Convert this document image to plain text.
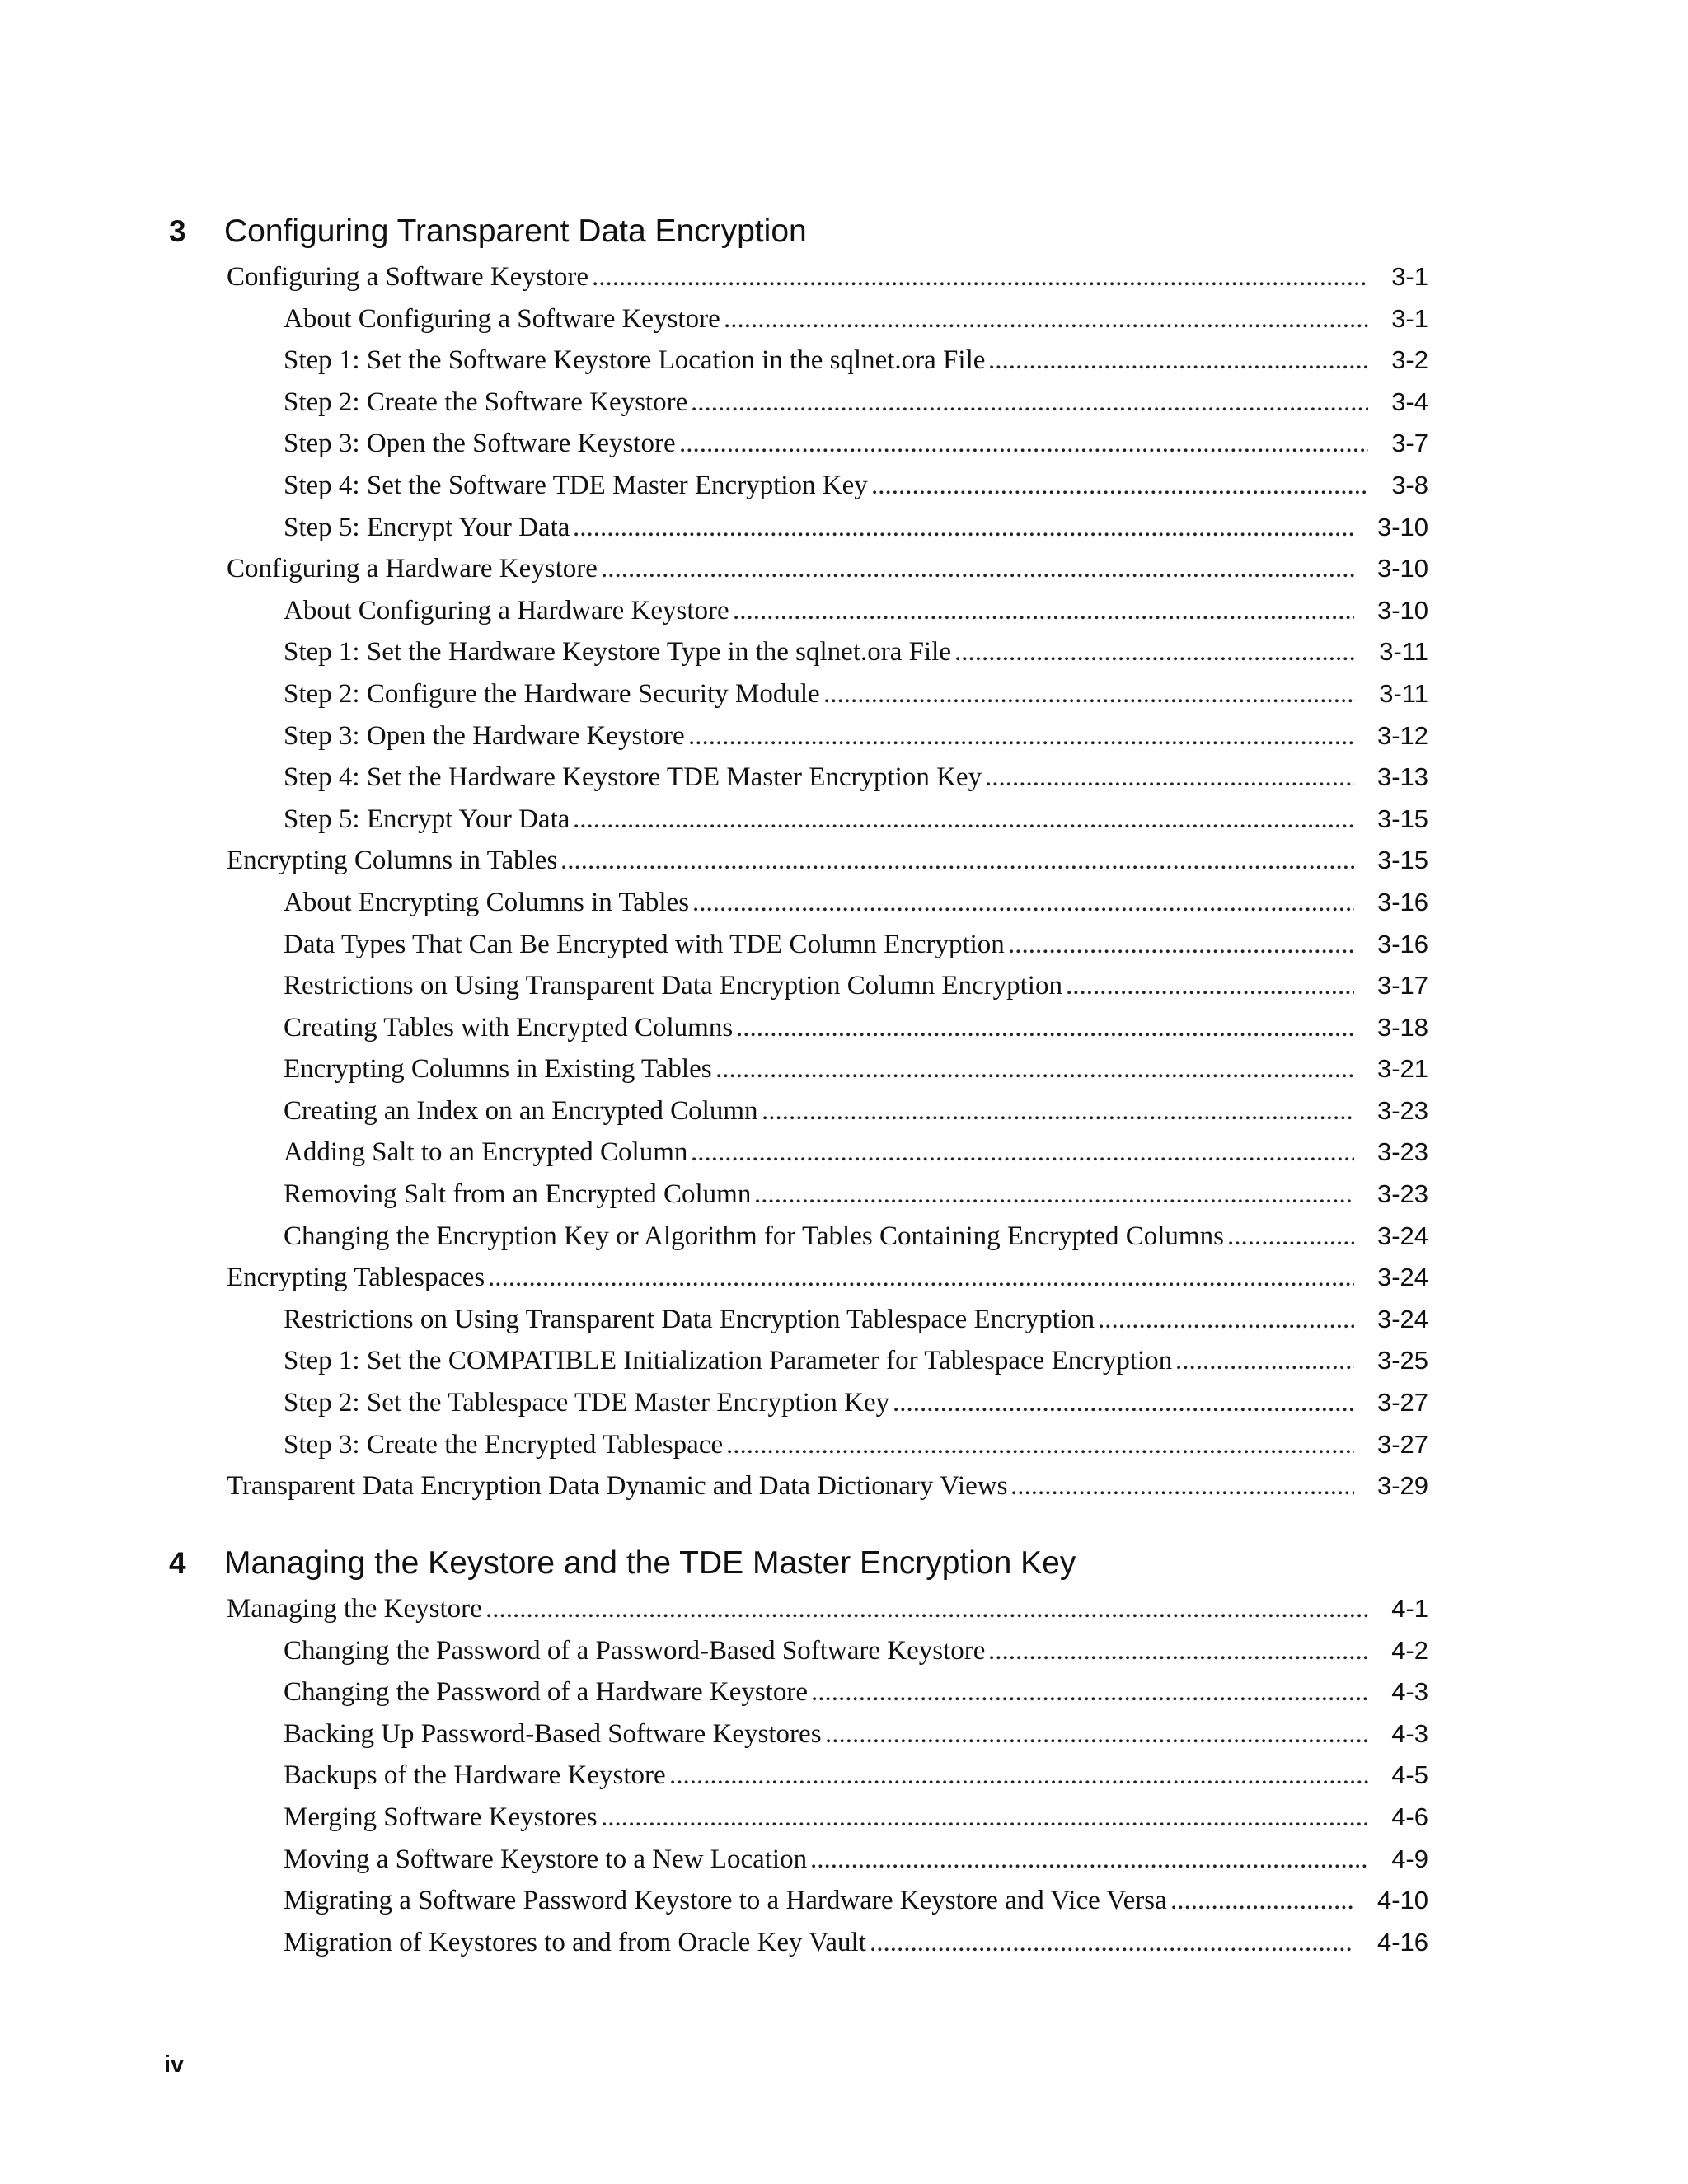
3 Configuring Transparent Data Encryption
Configuring a Software Keystore .....	3-1
About Configuring a Software Keystore .....	3-1
Step 1: Set the Software Keystore Location in the sqlnet.ora File .....	3-2
Step 2: Create the Software Keystore .....	3-4
Step 3: Open the Software Keystore .....	3-7
Step 4: Set the Software TDE Master Encryption Key .....	3-8
Step 5: Encrypt Your Data .....	3-10
Configuring a Hardware Keystore .....	3-10
About Configuring a Hardware Keystore .....	3-10
Step 1: Set the Hardware Keystore Type in the sqlnet.ora File .....	3-11
Step 2: Configure the Hardware Security Module .....	3-11
Step 3: Open the Hardware Keystore .....	3-12
Step 4: Set the Hardware Keystore TDE Master Encryption Key .....	3-13
Step 5: Encrypt Your Data .....	3-15
Encrypting Columns in Tables .....	3-15
About Encrypting Columns in Tables .....	3-16
Data Types That Can Be Encrypted with TDE Column Encryption .....	3-16
Restrictions on Using Transparent Data Encryption Column Encryption .....	3-17
Creating Tables with Encrypted Columns .....	3-18
Encrypting Columns in Existing Tables .....	3-21
Creating an Index on an Encrypted Column .....	3-23
Adding Salt to an Encrypted Column .....	3-23
Removing Salt from an Encrypted Column .....	3-23
Changing the Encryption Key or Algorithm for Tables Containing Encrypted Columns .....	3-24
Encrypting Tablespaces .....	3-24
Restrictions on Using Transparent Data Encryption Tablespace Encryption .....	3-24
Step 1: Set the COMPATIBLE Initialization Parameter for Tablespace Encryption .....	3-25
Step 2: Set the Tablespace TDE Master Encryption Key .....	3-27
Step 3: Create the Encrypted Tablespace .....	3-27
Transparent Data Encryption Data Dynamic and Data Dictionary Views .....	3-29
4 Managing the Keystore and the TDE Master Encryption Key
Managing the Keystore .....	4-1
Changing the Password of a Password-Based Software Keystore .....	4-2
Changing the Password of a Hardware Keystore .....	4-3
Backing Up Password-Based Software Keystores .....	4-3
Backups of the Hardware Keystore .....	4-5
Merging Software Keystores .....	4-6
Moving a Software Keystore to a New Location .....	4-9
Migrating a Software Password Keystore to a Hardware Keystore and Vice Versa .....	4-10
Migration of Keystores to and from Oracle Key Vault .....	4-16
iv
